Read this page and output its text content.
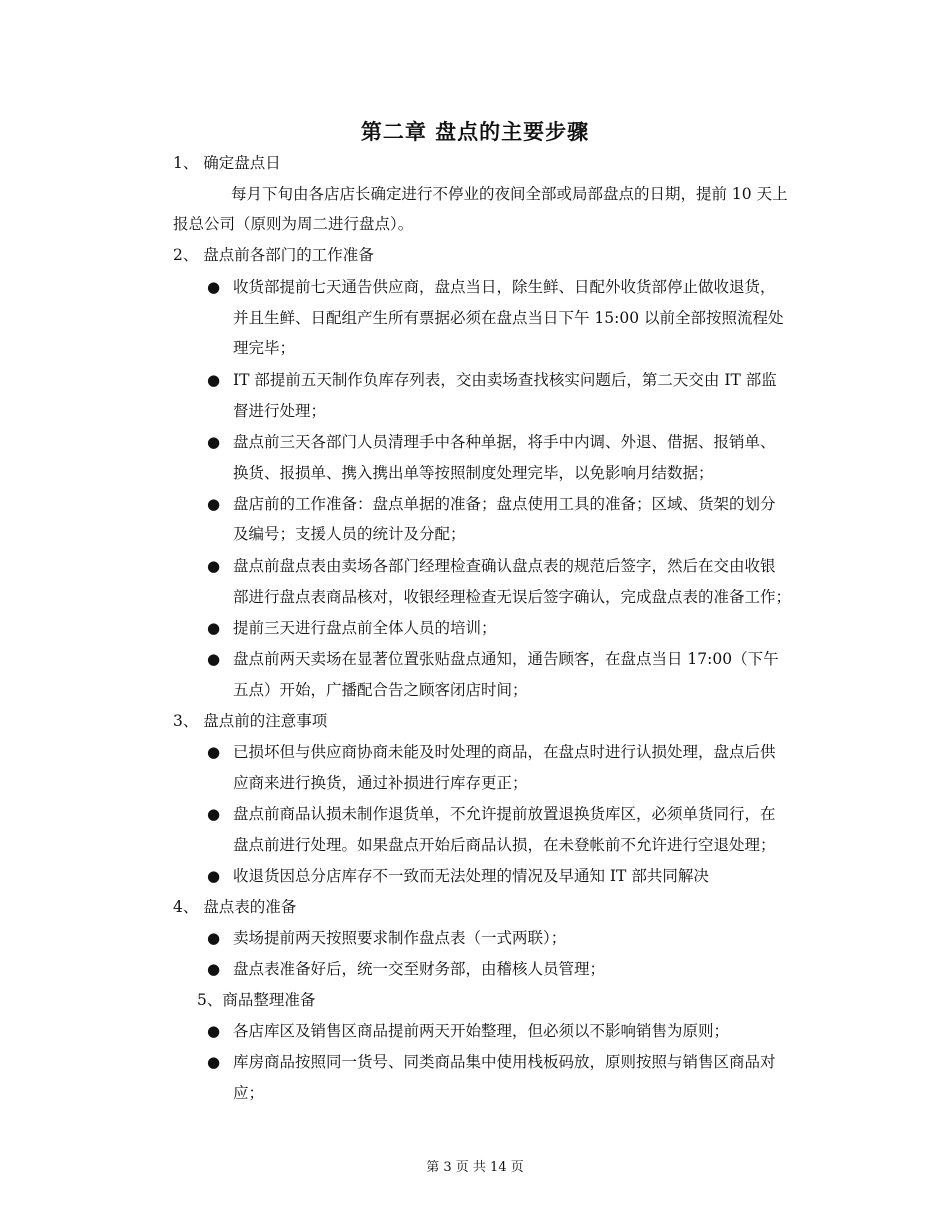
第二章 盘点的主要步骤
1、 确定盘点日
每月下旬由各店店长确定进行不停业的夜间全部或局部盘点的日期，提前 10 天上
报总公司（原则为周二进行盘点）。
2、 盘点前各部门的工作准备
● 收货部提前七天通告供应商，盘点当日，除生鲜、日配外收货部停止做收退货，
并且生鲜、日配组产生所有票据必须在盘点当日下午 15:00 以前全部按照流程处
理完毕；
● IT 部提前五天制作负库存列表，交由卖场查找核实问题后，第二天交由 IT 部监
督进行处理；
● 盘点前三天各部门人员清理手中各种单据，将手中内调、外退、借据、报销单、
换货、报损单、携入携出单等按照制度处理完毕，以免影响月结数据；
● 盘店前的工作准备：盘点单据的准备；盘点使用工具的准备；区域、货架的划分
及编号；支援人员的统计及分配；
● 盘点前盘点表由卖场各部门经理检查确认盘点表的规范后签字，然后在交由收银
部进行盘点表商品核对，收银经理检查无误后签字确认，完成盘点表的准备工作；
● 提前三天进行盘点前全体人员的培训；
● 盘点前两天卖场在显著位置张贴盘点通知，通告顾客，在盘点当日 17:00（下午
五点）开始，广播配合告之顾客闭店时间；
3、 盘点前的注意事项
● 已损坏但与供应商协商未能及时处理的商品，在盘点时进行认损处理，盘点后供
应商来进行换货，通过补损进行库存更正；
● 盘点前商品认损未制作退货单，不允许提前放置退换货库区，必须单货同行，在
盘点前进行处理。如果盘点开始后商品认损，在未登帐前不允许进行空退处理；
● 收退货因总分店库存不一致而无法处理的情况及早通知 IT 部共同解决
4、 盘点表的准备
● 卖场提前两天按照要求制作盘点表（一式两联）；
● 盘点表准备好后，统一交至财务部，由稽核人员管理；
5、商品整理准备
● 各店库区及销售区商品提前两天开始整理，但必须以不影响销售为原则；
● 库房商品按照同一货号、同类商品集中使用栈板码放，原则按照与销售区商品对
应；
第 3 页 共 14 页
